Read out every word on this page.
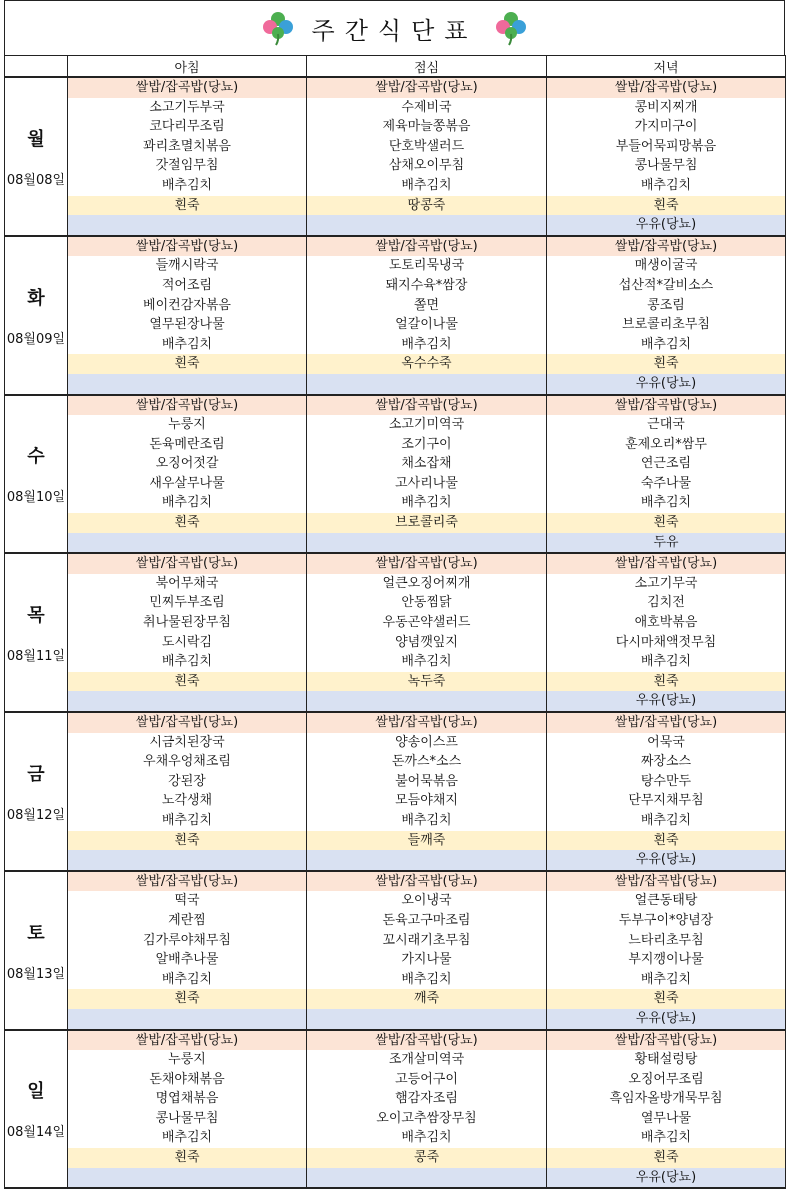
주간식단표
	아침	점심	저녁

월
08월08일	쌀밥/잡곡밥(당뇨)	쌀밥/잡곡밥(당뇨)	쌀밥/잡곡밥(당뇨)
	소고기두부국	수제비국	콩비지찌개
	코다리무조림	제육마늘쫑볶음	가지미구이
	꽈리초멸치볶음	단호박샐러드	부들어묵피망볶음
	갓절임무침	삼채오이무침	콩나물무침
	배추김치	배추김치	배추김치
	흰죽	땅콩죽	흰죽
			우유(당뇨)

화
08월09일	쌀밥/잡곡밥(당뇨)	쌀밥/잡곡밥(당뇨)	쌀밥/잡곡밥(당뇨)
	들깨시락국	도토리묵냉국	매생이굴국
	적어조림	돼지수육*쌈장	섭산적*갈비소스
	베이컨감자볶음	쫄면	콩조림
	열무된장나물	얼갈이나물	브로콜리초무침
	배추김치	배추김치	배추김치
	흰죽	옥수수죽	흰죽
			우유(당뇨)

수
08월10일	쌀밥/잡곡밥(당뇨)	쌀밥/잡곡밥(당뇨)	쌀밥/잡곡밥(당뇨)
	누룽지	소고기미역국	근대국
	돈육메란조림	조기구이	훈제오리*쌈무
	오징어젓갈	채소잡채	연근조림
	새우살무나물	고사리나물	숙주나물
	배추김치	배추김치	배추김치
	흰죽	브로콜리죽	흰죽
			두유

목
08월11일	쌀밥/잡곡밥(당뇨)	쌀밥/잡곡밥(당뇨)	쌀밥/잡곡밥(당뇨)
	북어무채국	얼큰오징어찌개	소고기무국
	민찌두부조림	안동찜닭	김치전
	취나물된장무침	우동곤약샐러드	애호박볶음
	도시락김	양념깻잎지	다시마채액젓무침
	배추김치	배추김치	배추김치
	흰죽	녹두죽	흰죽
			우유(당뇨)

금
08월12일	쌀밥/잡곡밥(당뇨)	쌀밥/잡곡밥(당뇨)	쌀밥/잡곡밥(당뇨)
	시금치된장국	양송이스프	어묵국
	우채우엉채조림	돈까스*소스	짜장소스
	강된장	불어묵볶음	탕수만두
	노각생채	모듬야채지	단무지채무침
	배추김치	배추김치	배추김치
	흰죽	들깨죽	흰죽
			우유(당뇨)

토
08월13일	쌀밥/잡곡밥(당뇨)	쌀밥/잡곡밥(당뇨)	쌀밥/잡곡밥(당뇨)
	떡국	오이냉국	얼큰동태탕
	계란찜	돈육고구마조림	두부구이*양념장
	김가루야채무침	꼬시래기초무침	느타리초무침
	알배추나물	가지나물	부지깽이나물
	배추김치	배추김치	배추김치
	흰죽	깨죽	흰죽
			우유(당뇨)

일
08월14일	쌀밥/잡곡밥(당뇨)	쌀밥/잡곡밥(당뇨)	쌀밥/잡곡밥(당뇨)
	누룽지	조개살미역국	황태설렁탕
	돈채야채볶음	고등어구이	오징어무조림
	명엽채볶음	햄감자조림	흑임자올방개묵무침
	콩나물무침	오이고추쌈장무침	열무나물
	배추김치	배추김치	배추김치
	흰죽	콩죽	흰죽
			우유(당뇨)
